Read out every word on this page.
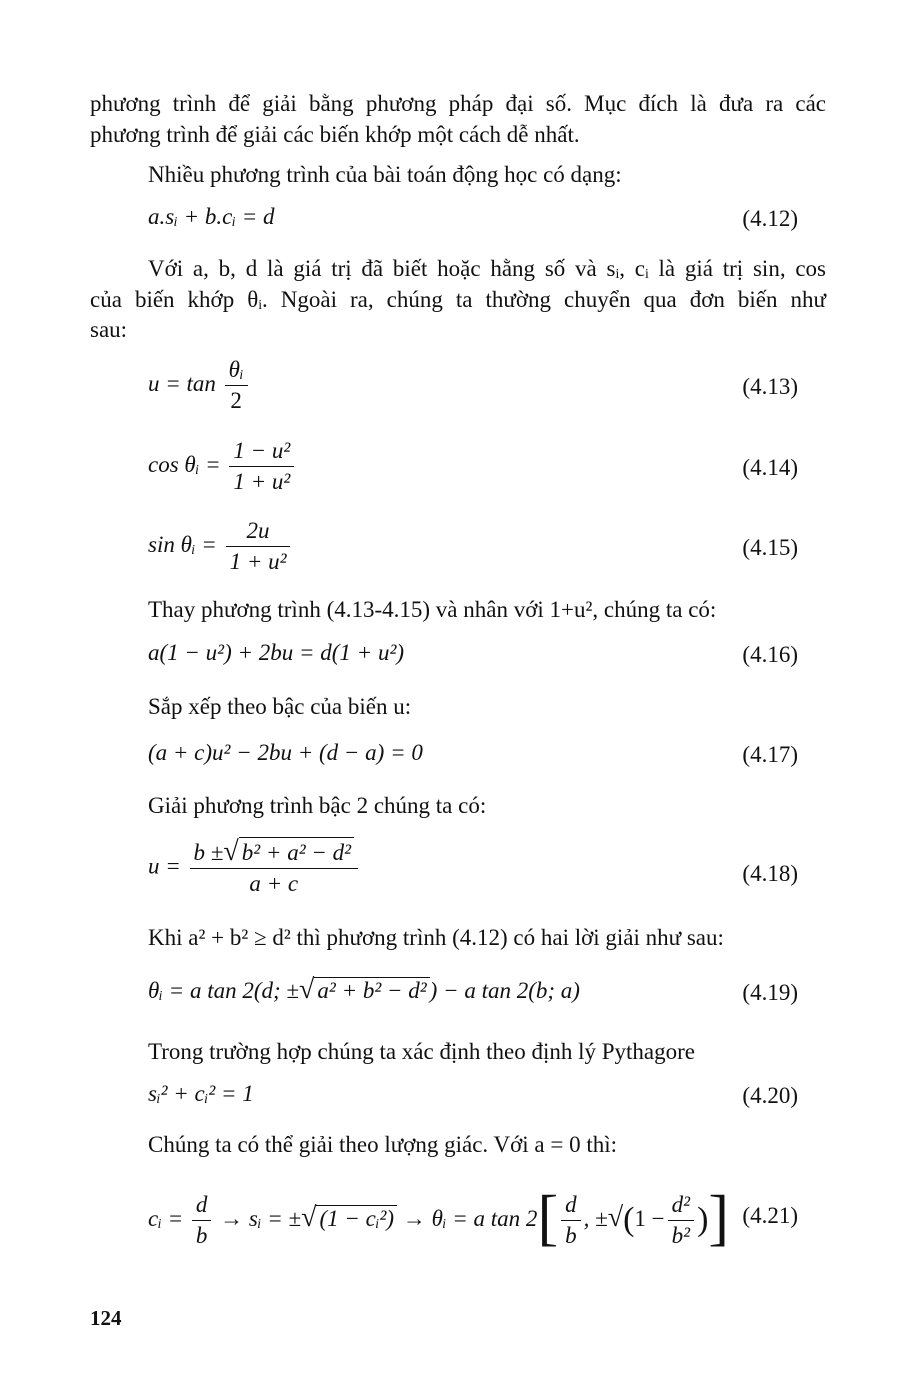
phương trình để giải bằng phương pháp đại số. Mục đích là đưa ra các
phương trình để giải các biến khớp một cách dễ nhất.
Nhiều phương trình của bài toán động học có dạng:
a.sᵢ + b.cᵢ = d	(4.12)
Với a, b, d là giá trị đã biết hoặc hằng số và sᵢ, cᵢ là giá trị sin, cos
của biến khớp θᵢ. Ngoài ra, chúng ta thường chuyển qua đơn biến như
sau:
$u = \tan \frac{\text{θᵢ}}{2}$	(4.13)
cos θᵢ = $\frac{\text{1 − u²}}{\text{1 + u²}}$	(4.14)
sin θᵢ = $\frac{2u}{\text{1 + u²}}$	(4.15)
Thay phương trình (4.13-4.15) và nhân với 1+u², chúng ta có:
a(1 − u²) + 2bu = d(1 + u²)	(4.16)
Sắp xếp theo bậc của biến u:
(a + c)u² − 2bu + (d − a) = 0	(4.17)
Giải phương trình bậc 2 chúng ta có:
$u = \frac{\text{b ±√ b² + a² − d²}}{a + c}$	(4.18)
Khi a² + b² ≥ d² thì phương trình (4.12) có hai lời giải như sau:
θᵢ = a tan 2(d; ±√ a² + b² − d² ) − a tan 2(b; a)	(4.19)
Trong trường hợp chúng ta xác định theo định lý Pythagore
sᵢ² + cᵢ² = 1	(4.20)
Chúng ta có thể giải theo lượng giác. Với a = 0 thì:
cᵢ = $\frac{d}{b}$ → sᵢ = ±√ (1 − cᵢ²) → θᵢ = a $\tan 2[ \frac{d}{b}$ , $\pm√(1 - \frac{\text{d²}}{\text{b²}}$ )] (4.21)
124
